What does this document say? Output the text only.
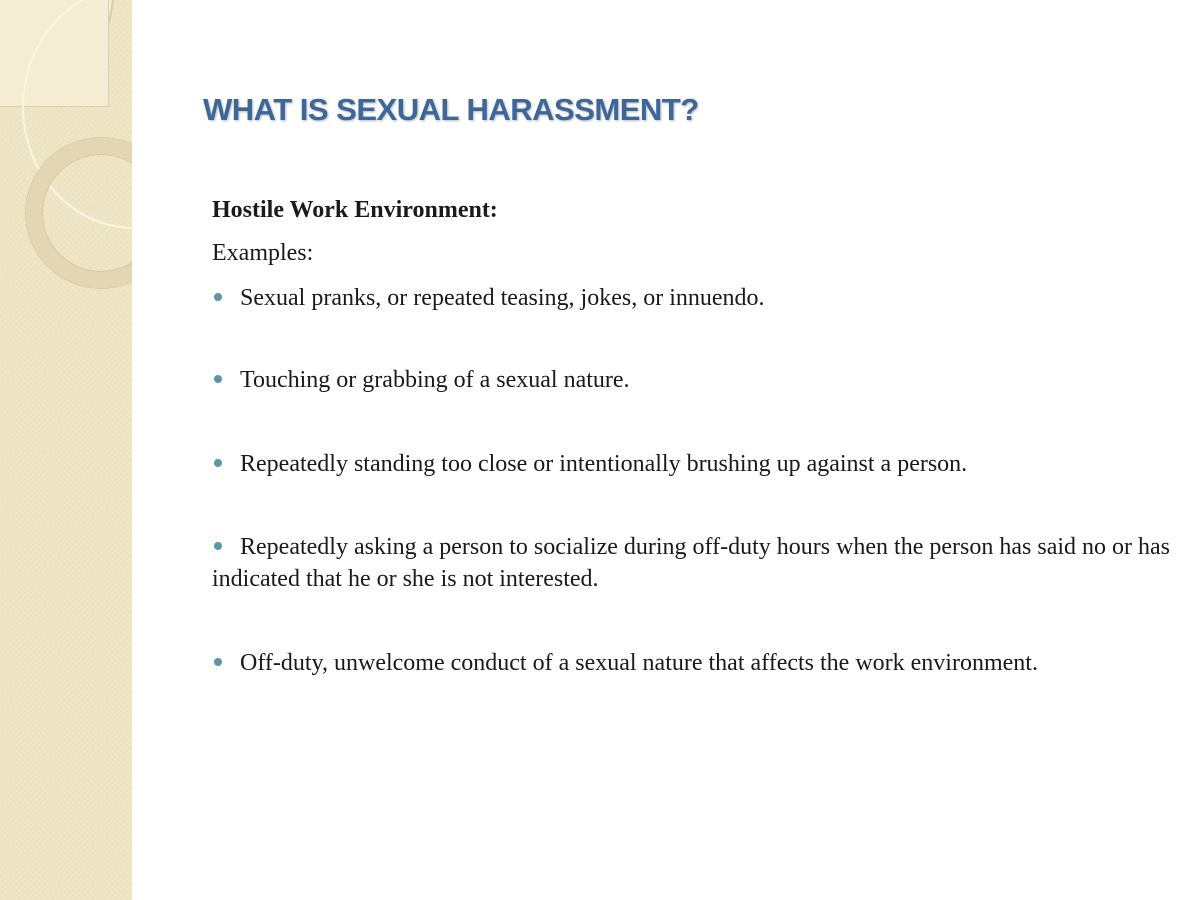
WHAT IS SEXUAL HARASSMENT?
Hostile Work Environment:
Examples:
Sexual pranks, or repeated teasing, jokes, or innuendo.
Touching or grabbing of a sexual nature.
Repeatedly standing too close or intentionally brushing up against a person.
Repeatedly asking a person to socialize during off-duty hours when the person has said no or has indicated that he or she is not interested.
Off-duty, unwelcome conduct of a sexual nature that affects the work environment.
